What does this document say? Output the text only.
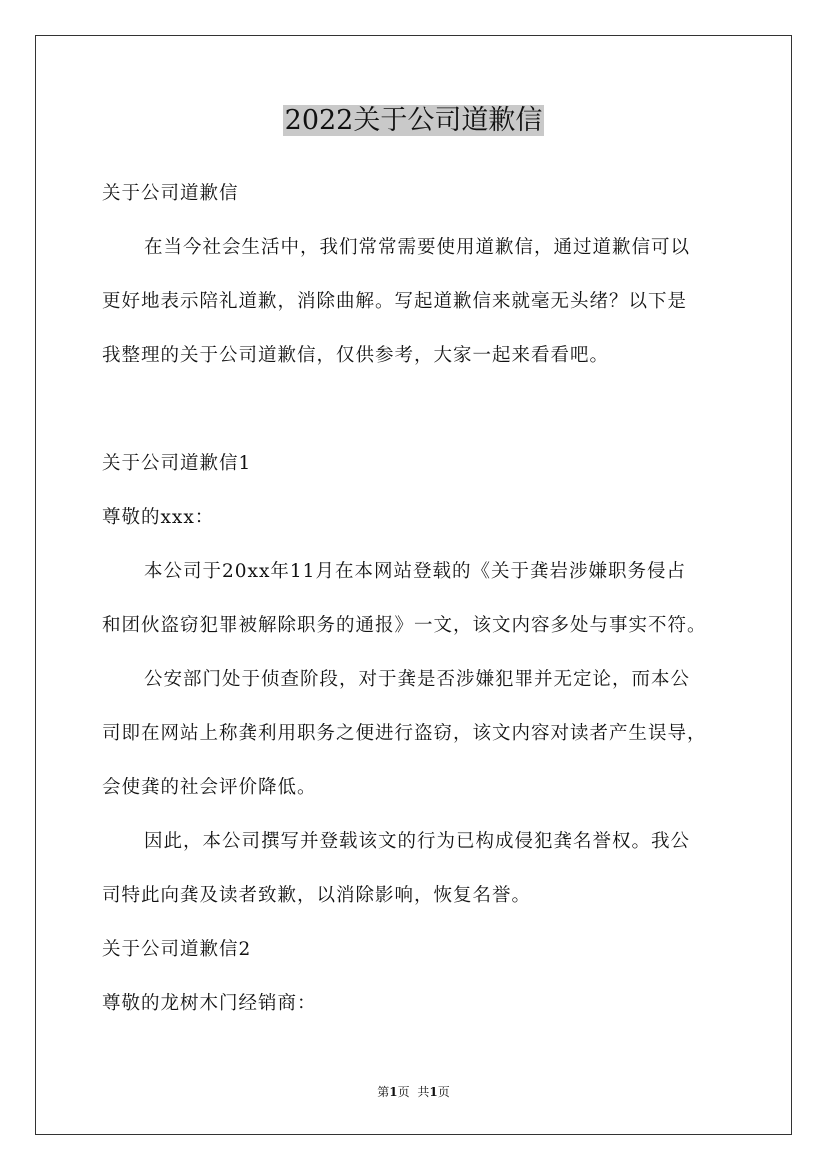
2022关于公司道歉信
关于公司道歉信
在当今社会生活中，我们常常需要使用道歉信，通过道歉信可以
更好地表示陪礼道歉，消除曲解。写起道歉信来就毫无头绪？以下是
我整理的关于公司道歉信，仅供参考，大家一起来看看吧。
关于公司道歉信1
尊敬的xxx：
本公司于20xx年11月在本网站登载的《关于龚岩涉嫌职务侵占
和团伙盗窃犯罪被解除职务的通报》一文，该文内容多处与事实不符。
公安部门处于侦查阶段，对于龚是否涉嫌犯罪并无定论，而本公
司即在网站上称龚利用职务之便进行盗窃，该文内容对读者产生误导，
会使龚的社会评价降低。
因此，本公司撰写并登载该文的行为已构成侵犯龚名誉权。我公
司特此向龚及读者致歉，以消除影响，恢复名誉。
关于公司道歉信2
尊敬的龙树木门经销商：
第1页 共1页
